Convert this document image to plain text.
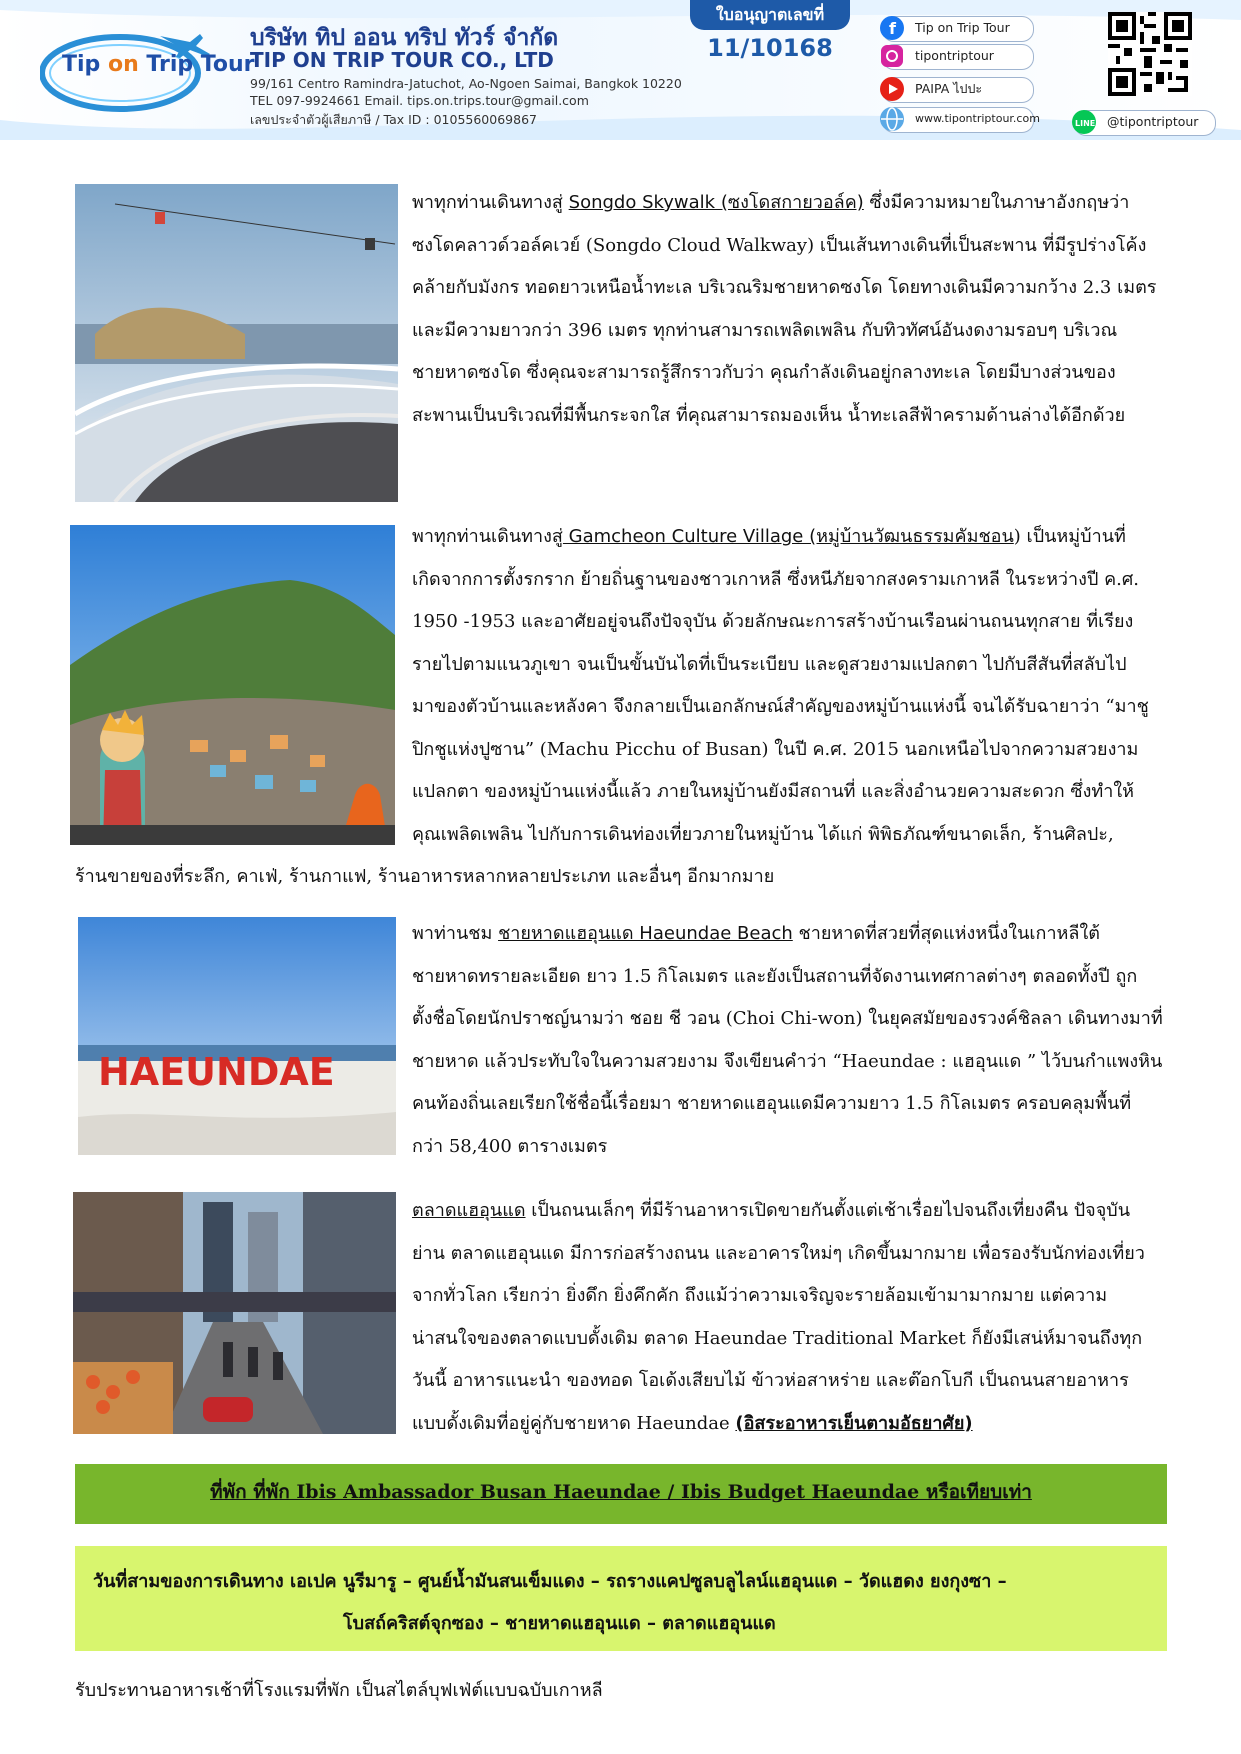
Tip on Trip Tour
บริษัท ทิป ออน ทริป ทัวร์ จำกัด
TIP ON TRIP TOUR CO., LTD
99/161 Centro Ramindra-Jatuchot, Ao-Ngoen Saimai, Bangkok 10220
TEL 097-9924661 Email. tips.on.trips.tour@gmail.com
เลขประจำตัวผู้เสียภาษี / Tax ID : 0105560069867
ใบอนุญาตเลขที่
11/10168
f Tip on Trip Tour
tipontriptour
PAIPA ไปปะ
www.tipontriptour.com	LINE @tipontriptour

พาทุกท่านเดินทางสู่ Songdo Skywalk (ซงโดสกายวอล์ค) ซึ่งมีความหมายในภาษาอังกฤษว่า

ซงโดคลาวด์วอล์คเวย์ (Songdo Cloud Walkway) เป็นเส้นทางเดินที่เป็นสะพาน ที่มีรูปร่างโค้ง

คล้ายกับมังกร ทอดยาวเหนือน้ำทะเล บริเวณริมชายหาดซงโด โดยทางเดินมีความกว้าง 2.3 เมตร

และมีความยาวกว่า 396 เมตร ทุกท่านสามารถเพลิดเพลิน กับทิวทัศน์อันงดงามรอบๆ บริเวณ

ชายหาดซงโด ซึ่งคุณจะสามารถรู้สึกราวกับว่า คุณกำลังเดินอยู่กลางทะเล โดยมีบางส่วนของ

สะพานเป็นบริเวณที่มีพื้นกระจกใส ที่คุณสามารถมองเห็น น้ำทะเลสีฟ้าครามด้านล่างได้อีกด้วย

พาทุกท่านเดินทางสู่ Gamcheon Culture Village (หมู่บ้านวัฒนธรรมคัมชอน) เป็นหมู่บ้านที่

เกิดจากการตั้งรกราก ย้ายถิ่นฐานของชาวเกาหลี ซึ่งหนีภัยจากสงครามเกาหลี ในระหว่างปี ค.ศ.

1950 -1953 และอาศัยอยู่จนถึงปัจจุบัน ด้วยลักษณะการสร้างบ้านเรือนผ่านถนนทุกสาย ที่เรียง

รายไปตามแนวภูเขา จนเป็นขั้นบันไดที่เป็นระเบียบ และดูสวยงามแปลกตา ไปกับสีสันที่สลับไป

มาของตัวบ้านและหลังคา จึงกลายเป็นเอกลักษณ์สำคัญของหมู่บ้านแห่งนี้ จนได้รับฉายาว่า “มาชู

ปิกชูแห่งปูซาน” (Machu Picchu of Busan) ในปี ค.ศ. 2015 นอกเหนือไปจากความสวยงาม

แปลกตา ของหมู่บ้านแห่งนี้แล้ว ภายในหมู่บ้านยังมีสถานที่ และสิ่งอำนวยความสะดวก ซึ่งทำให้

คุณเพลิดเพลิน ไปกับการเดินท่องเที่ยวภายในหมู่บ้าน ได้แก่ พิพิธภัณฑ์ขนาดเล็ก, ร้านศิลปะ,

ร้านขายของที่ระลึก, คาเฟ่, ร้านกาแฟ, ร้านอาหารหลากหลายประเภท และอื่นๆ อีกมากมาย
HAEUNDAE

พาท่านชม ชายหาดแฮอุนแด Haeundae Beach ชายหาดที่สวยที่สุดแห่งหนึ่งในเกาหลีใต้

ชายหาดทรายละเอียด ยาว 1.5 กิโลเมตร และยังเป็นสถานที่จัดงานเทศกาลต่างๆ ตลอดทั้งปี ถูก

ตั้งชื่อโดยนักปราชญ์นามว่า ชอย ชี วอน (Choi Chi-won) ในยุคสมัยของรวงค์ชิลลา เดินทางมาที่

ชายหาด แล้วประทับใจในความสวยงาม จึงเขียนคำว่า “Haeundae : แฮอุนแด ” ไว้บนกำแพงหิน

คนท้องถิ่นเลยเรียกใช้ชื่อนี้เรื่อยมา ชายหาดแฮอุนแดมีความยาว 1.5 กิโลเมตร ครอบคลุมพื้นที่

กว่า 58,400 ตารางเมตร

ตลาดแฮอุนแด เป็นถนนเล็กๆ ที่มีร้านอาหารเปิดขายกันตั้งแต่เช้าเรื่อยไปจนถึงเที่ยงคืน ปัจจุบัน

ย่าน ตลาดแฮอุนแด มีการก่อสร้างถนน และอาคารใหม่ๆ เกิดขึ้นมากมาย เพื่อรองรับนักท่องเที่ยว

จากทั่วโลก เรียกว่า ยิ่งดึก ยิ่งคึกคัก ถึงแม้ว่าความเจริญจะรายล้อมเข้ามามากมาย แต่ความ

น่าสนใจของตลาดแบบดั้งเดิม ตลาด Haeundae Traditional Market ก็ยังมีเสน่ห์มาจนถึงทุก

วันนี้ อาหารแนะนำ ของทอด โอเด้งเสียบไม้ ข้าวห่อสาหร่าย และต๊อกโบกี เป็นถนนสายอาหาร

แบบดั้งเดิมที่อยู่คู่กับชายหาด Haeundae (อิสระอาหารเย็นตามอัธยาศัย)

ที่พัก ที่พัก Ibis Ambassador Busan Haeundae / Ibis Budget Haeundae หรือเทียบเท่า
วันที่สามของการเดินทาง เอเปค นูรีมารู – ศูนย์น้ำมันสนเข็มแดง – รถรางแคปซูลบลูไลน์แฮอุนแด – วัดแฮดง ยงกุงซา –
โบสถ์คริสต์จุกซอง – ชายหาดแฮอุนแด – ตลาดแฮอุนแด
รับประทานอาหารเช้าที่โรงแรมที่พัก เป็นสไตล์บุฟเฟ่ต์แบบฉบับเกาหลี
